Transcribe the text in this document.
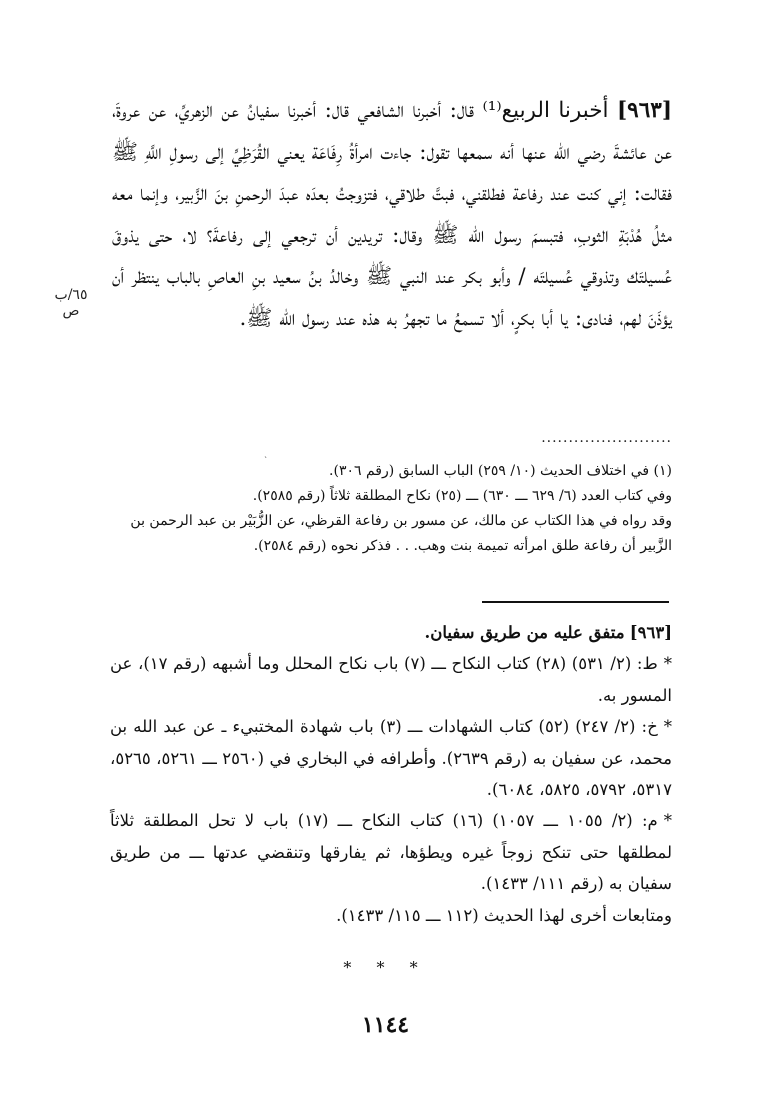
[٩٦٣] أخبرنا الربيع⁽¹⁾ قال: أخبرنا الشافعي قال: أخبرنا سفيانُ عن الزهريِّ، عن عروةَ، عن عائشةَ رضي الله عنها أنه سمعها تقول: جاءت امرأةُ رِفَاعَة يعني القُرَظِيِّ إلى رسولِ اللَّهِ ﷺ فقالت: إني كنت عند رفاعة فطلقني، فبتَّ طلاقي، فتزوجتُ بعدَه عبدَ الرحمنِ بنَ الزَّبير، وإنما معه مثلُ هُدْبَةِ الثوبِ، فتبسمَ رسول الله ﷺ وقال: تريدين أن ترجعي إلى رفاعةَ؟ لا، حتى يذوقَ عُسيلتَك وتذوقي عُسيلتَه / وأبو بكر عند النبي ﷺ وخالدُ بنُ سعيد بنِ العاصِ بالباب ينتظر أن يؤذَنَ لهم، فنادى: يا أبا بكرٍ، ألا تسمعُ ما تجهرُ به هذه عند رسول الله ﷺ.
٦٥/ب
ص
`
........................
(١) في اختلاف الحديث (١٠/ ٢٥٩) الباب السابق (رقم ٣٠٦).
وفي كتاب العدد (٦/ ٦٢٩ ـــ ٦٣٠) ـــ (٢٥) نكاح المطلقة ثلاثاً (رقم ٢٥٨٥).
وقد رواه في هذا الكتاب عن مالك، عن مسور بن رفاعة القرظي، عن الزُّبَيْر بن عبد الرحمن بن
الزَّبير أن رفاعة طلق امرأته تميمة بنت وهب. . . فذكر نحوه (رقم ٢٥٨٤).
[٩٦٣] متفق عليه من طريق سفيان.
*ط: (٢/ ٥٣١) (٢٨) كتاب النكاح ـــ (٧) باب نكاح المحلل وما أشبهه (رقم ١٧)، عن المسور به.
*خ: (٢/ ٢٤٧) (٥٢) كتاب الشهادات ـــ (٣) باب شهادة المختبيء ـ عن عبد الله بن محمد، عن سفيان به (رقم ٢٦٣٩). وأطرافه في البخاري في (٢٥٦٠ ـــ ٥٢٦١، ٥٢٦٥، ٥٣١٧، ٥٧٩٢، ٥٨٢٥، ٦٠٨٤).
*م: (٢/ ١٠٥٥ ـــ ١٠٥٧) (١٦) كتاب النكاح ـــ (١٧) باب لا تحل المطلقة ثلاثاً لمطلقها حتى تنكح زوجاً غيره ويطؤها، ثم يفارقها وتنقضي عدتها ـــ من طريق سفيان به (رقم ١١١/ ١٤٣٣).
ومتابعات أخرى لهذا الحديث (١١٢ ـــ ١١٥/ ١٤٣٣).
* * *
١١٤٤
